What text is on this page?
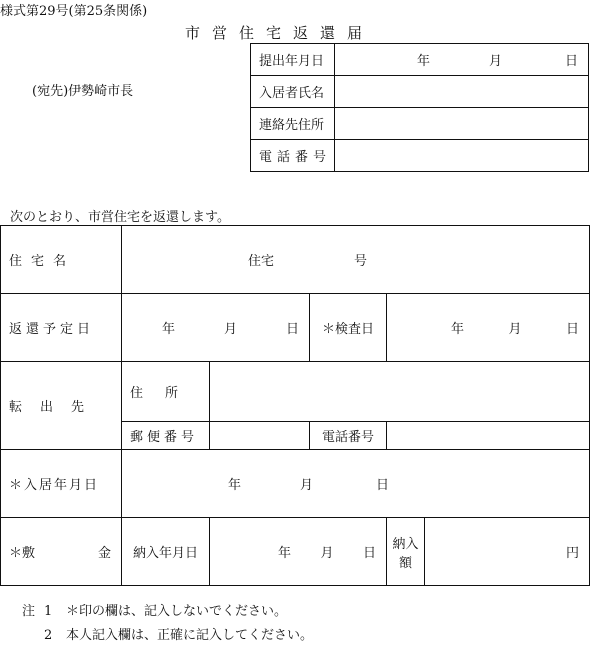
様式第29号(第25条関係)
市営住宅返還届
(宛先)伊勢崎市長
提出年月日	年 月 日

入居者氏名	
連絡先住所	
電話番号	
次のとおり、市営住宅を返還します。
住宅名	住宅 号				

返還予定日	年 月 日		＊検査日	年 月 日	

転出先	住所				
	郵便番号		電話番号		
＊入居年月日	年 月 日				

＊敷 金	納入年月日	年 月 日		納入額	円
注 1 ＊印の欄は、記入しないでください。
2 本人記入欄は、正確に記入してください。
